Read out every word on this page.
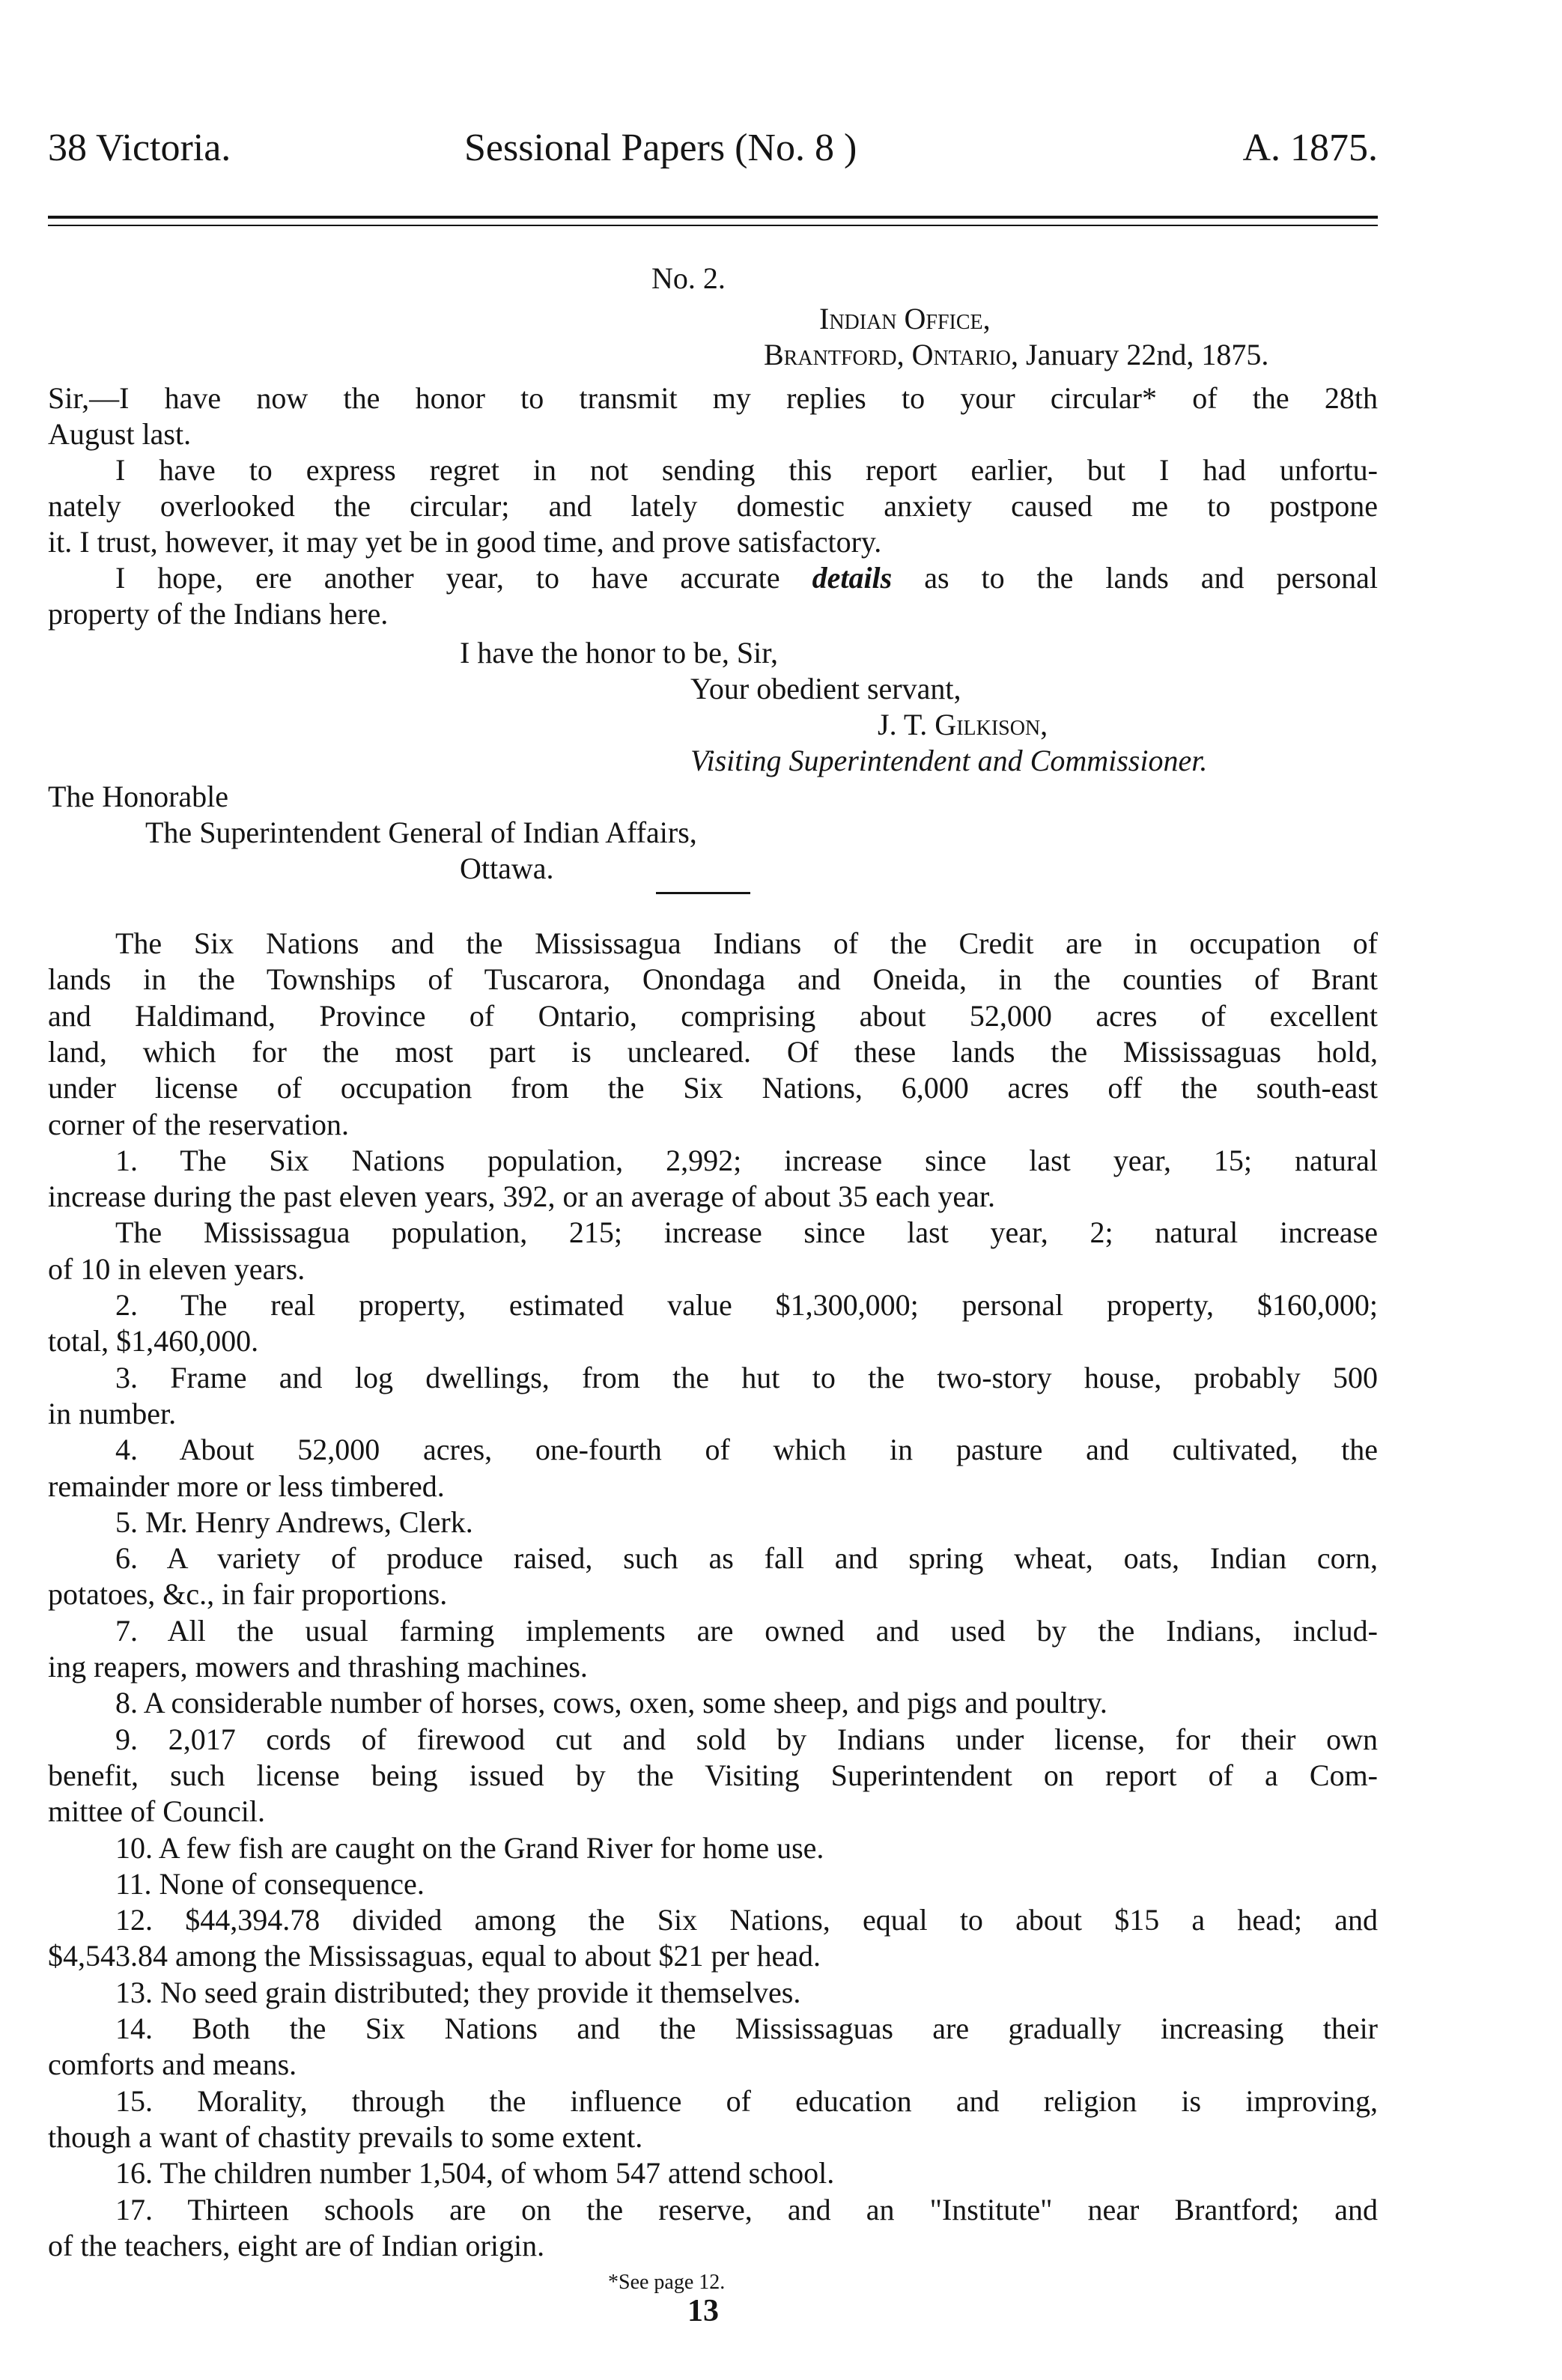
38 Victoria.	Sessional Papers (No. 8 )	A. 1875.
No. 2.
Indian Office,
Brantford, Ontario, January 22nd, 1875.
Sir,—I have now the honor to transmit my replies to your circular* of the 28th
August last.
I have to express regret in not sending this report earlier, but I had unfortu-
nately overlooked the circular; and lately domestic anxiety caused me to postpone
it. I trust, however, it may yet be in good time, and prove satisfactory.
I hope, ere another year, to have accurate details as to the lands and personal
property of the Indians here.
I have the honor to be, Sir,
Your obedient servant,
J. T. Gilkison,
Visiting Superintendent and Commissioner.
The Honorable
The Superintendent General of Indian Affairs,
Ottawa.
The Six Nations and the Mississagua Indians of the Credit are in occupation of
lands in the Townships of Tuscarora, Onondaga and Oneida, in the counties of Brant
and Haldimand, Province of Ontario, comprising about 52,000 acres of excellent
land, which for the most part is uncleared. Of these lands the Mississaguas hold,
under license of occupation from the Six Nations, 6,000 acres off the south-east
corner of the reservation.
1. The Six Nations population, 2,992; increase since last year, 15; natural
increase during the past eleven years, 392, or an average of about 35 each year.
The Mississagua population, 215; increase since last year, 2; natural increase
of 10 in eleven years.
2. The real property, estimated value $1,300,000; personal property, $160,000;
total, $1,460,000.
3. Frame and log dwellings, from the hut to the two-story house, probably 500
in number.
4. About 52,000 acres, one-fourth of which in pasture and cultivated, the
remainder more or less timbered.
5. Mr. Henry Andrews, Clerk.
6. A variety of produce raised, such as fall and spring wheat, oats, Indian corn,
potatoes, &c., in fair proportions.
7. All the usual farming implements are owned and used by the Indians, includ-
ing reapers, mowers and thrashing machines.
8. A considerable number of horses, cows, oxen, some sheep, and pigs and poultry.
9. 2,017 cords of firewood cut and sold by Indians under license, for their own
benefit, such license being issued by the Visiting Superintendent on report of a Com-
mittee of Council.
10. A few fish are caught on the Grand River for home use.
11. None of consequence.
12. $44,394.78 divided among the Six Nations, equal to about $15 a head; and
$4,543.84 among the Mississaguas, equal to about $21 per head.
13. No seed grain distributed; they provide it themselves.
14. Both the Six Nations and the Mississaguas are gradually increasing their
comforts and means.
15. Morality, through the influence of education and religion is improving,
though a want of chastity prevails to some extent.
16. The children number 1,504, of whom 547 attend school.
17. Thirteen schools are on the reserve, and an "Institute" near Brantford; and
of the teachers, eight are of Indian origin.
*See page 12.
13
